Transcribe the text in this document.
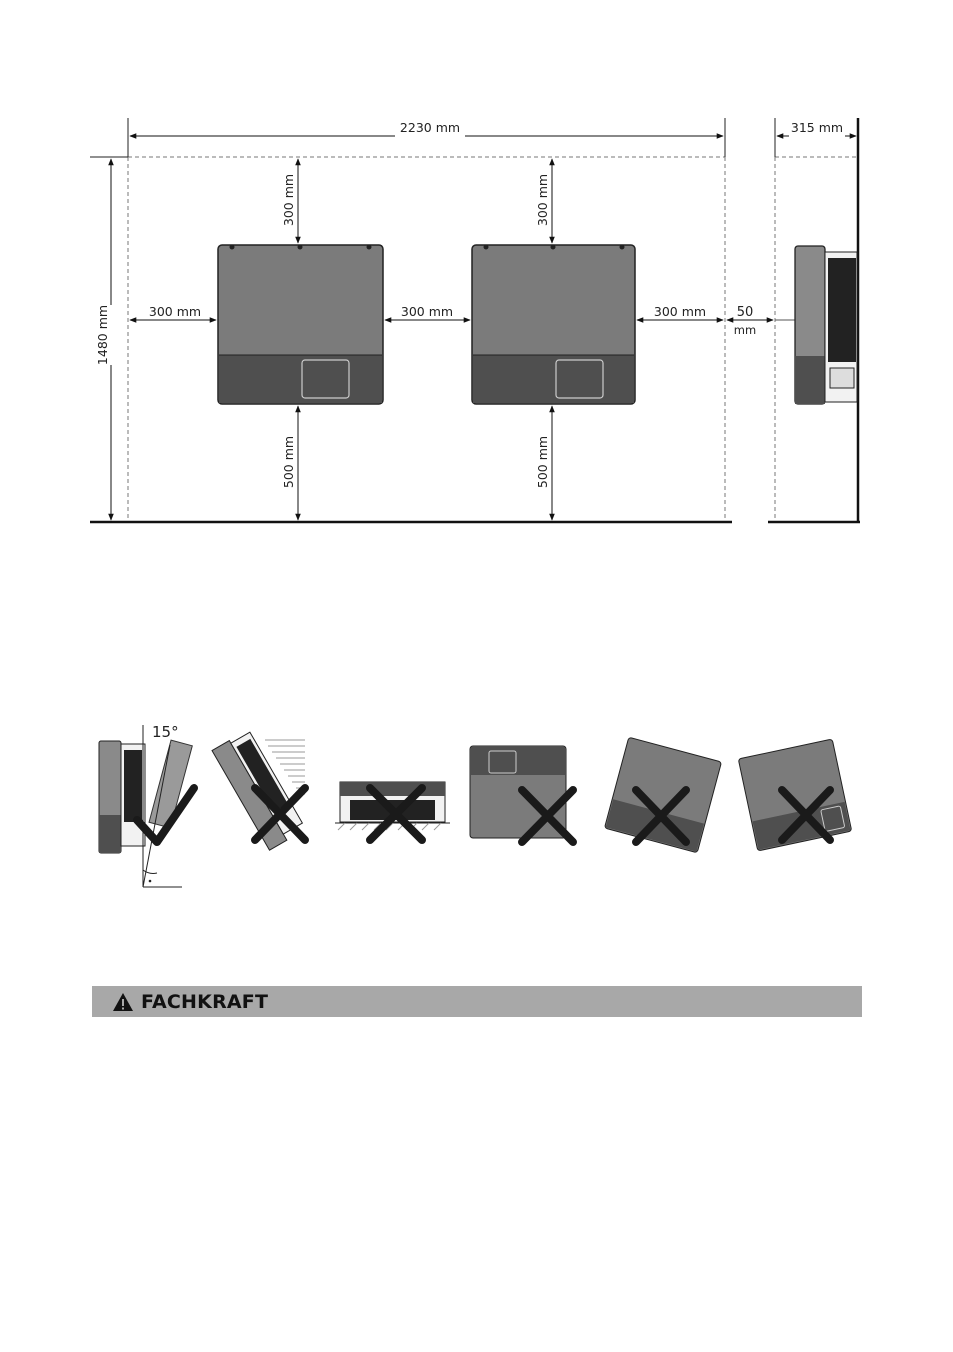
2230 mm	315 mm
1480 mm
300 mm	300 mm
300 mm	300 mm	300 mm 50
mm
500 mm	500 mm
15°
FACHKRAFT
